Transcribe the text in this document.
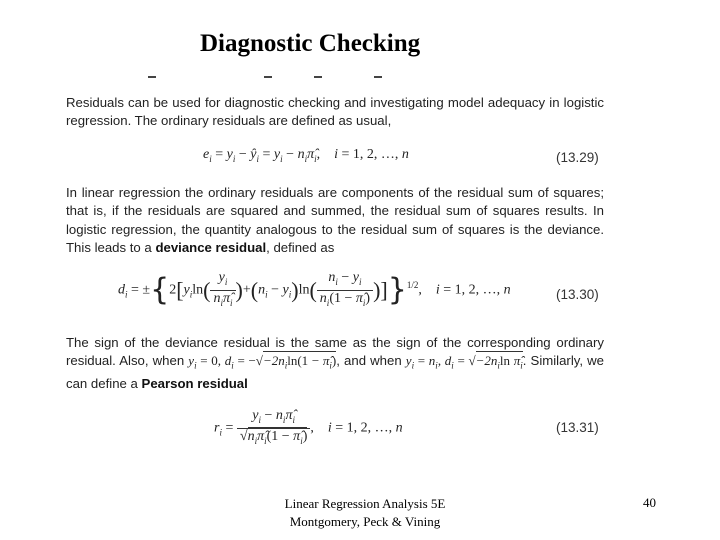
Diagnostic Checking

Residuals can be used for diagnostic checking and investigating model adequacy in logistic regression. The ordinary residuals are defined as usual,

$e_i = y_i$ − $ŷ_i = y_i$ − $n_i\pî_i$,    i = 1, 2, …, n	(13.29)

In linear regression the ordinary residuals are components of the residual sum of squares; that is, if the residuals are squared and summed, the residual sum of squares results. In logistic regression, the quantity analogous to the residual sum of squares is the deviance. This leads to a deviance residual, defined as

$d_i = \pm\{2[y_i\ln( \frac{y_i}{n_i\pî_i} )+(n_i - y_i)\ln( \frac{n_i - y_i}{n_i(1 - \pî_i)} )]\}^{1/2}$,    i = 1, 2, …, n	(13.30)

The sign of the deviance residual is the same as the sign of the corresponding ordinary residual. Also, when $y_i = 0$, $d_i = -√-2n_i\ln(1$ − $\pî_i$), and when $y_i = n_i$, $d_i = √-2n_i\ln$ $\pî_i$. Similarly, we can define a Pearson residual

$r_i = \frac{y_i - n_i\pî_i}{√n_i\pî_i(1 - \pî_i)}$ ,    i = 1, 2, …, n	(13.31)
Linear Regression Analysis 5E
Montgomery, Peck & Vining
40
